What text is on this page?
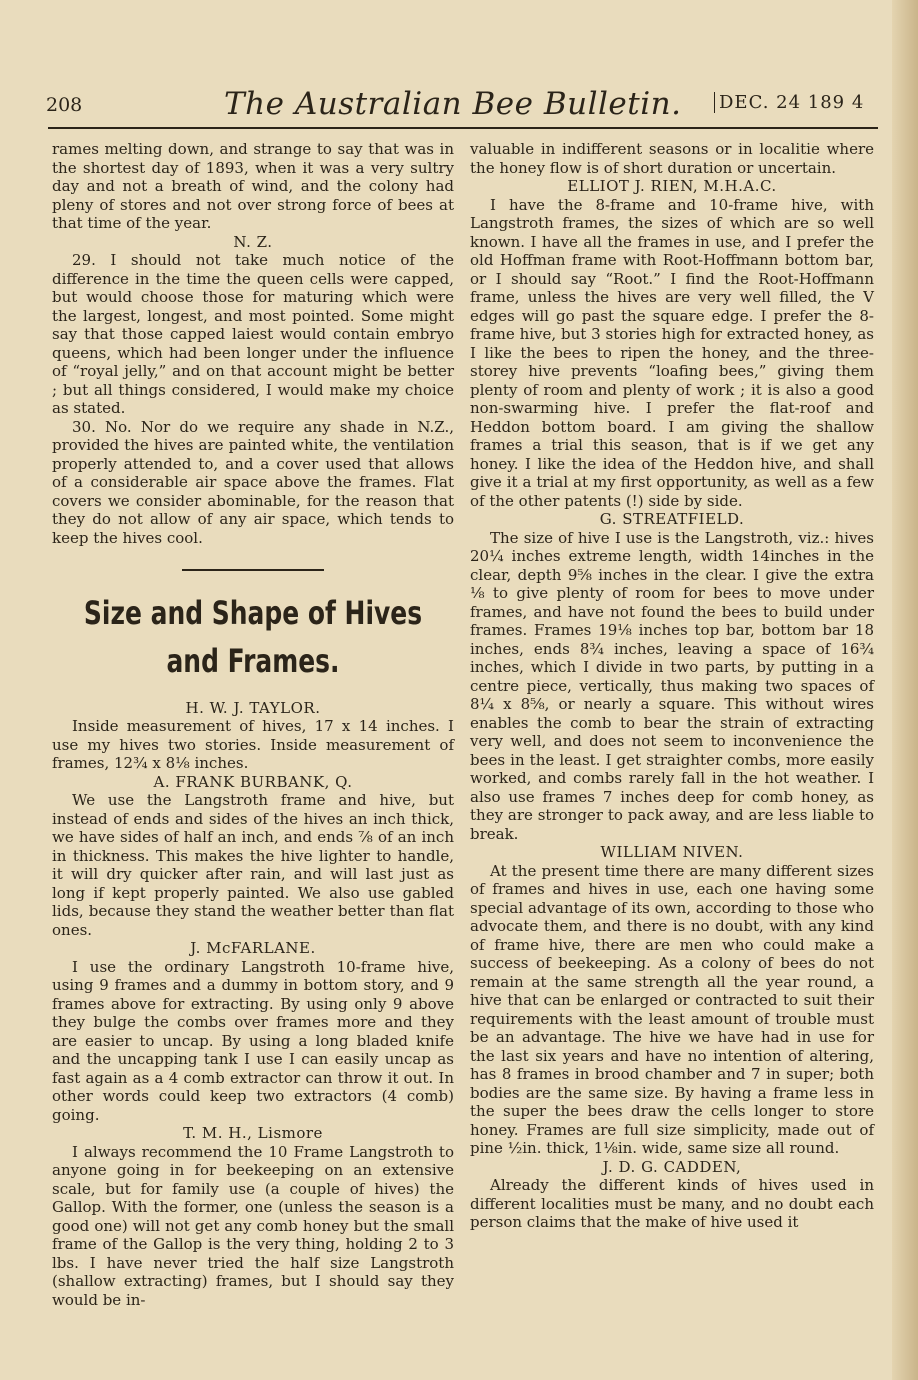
208	The Australian Bee Bulletin. DEC. 24 189 4

rames melting down, and strange to say that was in the shortest day of 1893, when it was a very sultry day and not a breath of wind, and the colony had pleny of stores and not over strong force of bees at that time of the year.

N. Z.

29. I should not take much notice of the difference in the time the queen cells were capped, but would choose those for maturing which were the largest, longest, and most pointed. Some might say that those capped laiest would contain embryo queens, which had been longer under the influence of “royal jelly,” and on that account might be better ; but all things considered, I would make my choice as stated.

30. No. Nor do we require any shade in N.Z., provided the hives are painted white, the ventilation properly attended to, and a cover used that allows of a considerable air space above the frames. Flat covers we consider abominable, for the reason that they do not allow of any air space, which tends to keep the hives cool.

Size and Shape of Hives and Frames.

H. W. J. TAYLOR.

Inside measurement of hives, 17 x 14 inches. I use my hives two stories. Inside measurement of frames, 12¾ x 8⅛ inches.

A. FRANK BURBANK, Q.

We use the Langstroth frame and hive, but instead of ends and sides of the hives an inch thick, we have sides of half an inch, and ends ⅞ of an inch in thickness. This makes the hive lighter to handle, it will dry quicker after rain, and will last just as long if kept properly painted. We also use gabled lids, because they stand the weather better than flat ones.

J. McFARLANE.

I use the ordinary Langstroth 10-frame hive, using 9 frames and a dummy in bottom story, and 9 frames above for extracting. By using only 9 above they bulge the combs over frames more and they are easier to uncap. By using a long bladed knife and the uncapping tank I use I can easily uncap as fast again as a 4 comb extractor can throw it out. In other words could keep two extractors (4 comb) going.

T. M. H., Lismore

I always recommend the 10 Frame Langstroth to anyone going in for beekeeping on an extensive scale, but for family use (a couple of hives) the Gallop. With the former, one (unless the season is a good one) will not get any comb honey but the small frame of the Gallop is the very thing, holding 2 to 3 lbs. I have never tried the half size Langstroth (shallow extracting) frames, but I should say they would be in-

valuable in indifferent seasons or in localitie where the honey flow is of short duration or uncertain.

ELLIOT J. RIEN, M.H.A.C.

I have the 8-frame and 10-frame hive, with Langstroth frames, the sizes of which are so well known. I have all the frames in use, and I prefer the old Hoffman frame with Root-Hoffmann bottom bar, or I should say “Root.” I find the Root-Hoffmann frame, unless the hives are very well filled, the V edges will go past the square edge. I prefer the 8-frame hive, but 3 stories high for extracted honey, as I like the bees to ripen the honey, and the three-storey hive prevents “loafing bees,” giving them plenty of room and plenty of work ; it is also a good non-swarming hive. I prefer the flat-roof and Heddon bottom board. I am giving the shallow frames a trial this season, that is if we get any honey. I like the idea of the Heddon hive, and shall give it a trial at my first opportunity, as well as a few of the other patents (!) side by side.

G. STREATFIELD.

The size of hive I use is the Langstroth, viz.: hives 20¼ inches extreme length, width 14inches in the clear, depth 9⅝ inches in the clear. I give the extra ⅛ to give plenty of room for bees to move under frames, and have not found the bees to build under frames. Frames 19⅛ inches top bar, bottom bar 18 inches, ends 8¾ inches, leaving a space of 16¾ inches, which I divide in two parts, by putting in a centre piece, vertically, thus making two spaces of 8¼ x 8⅝, or nearly a square. This without wires enables the comb to bear the strain of extracting very well, and does not seem to inconvenience the bees in the least. I get straighter combs, more easily worked, and combs rarely fall in the hot weather. I also use frames 7 inches deep for comb honey, as they are stronger to pack away, and are less liable to break.

WILLIAM NIVEN.

At the present time there are many different sizes of frames and hives in use, each one having some special advantage of its own, according to those who advocate them, and there is no doubt, with any kind of frame hive, there are men who could make a success of beekeeping. As a colony of bees do not remain at the same strength all the year round, a hive that can be enlarged or contracted to suit their requirements with the least amount of trouble must be an advantage. The hive we have had in use for the last six years and have no intention of altering, has 8 frames in brood chamber and 7 in super; both bodies are the same size. By having a frame less in the super the bees draw the cells longer to store honey. Frames are full size simplicity, made out of pine ½in. thick, 1⅛in. wide, same size all round.

J. D. G. CADDEN,

Already the different kinds of hives used in different localities must be many, and no doubt each person claims that the make of hive used it
